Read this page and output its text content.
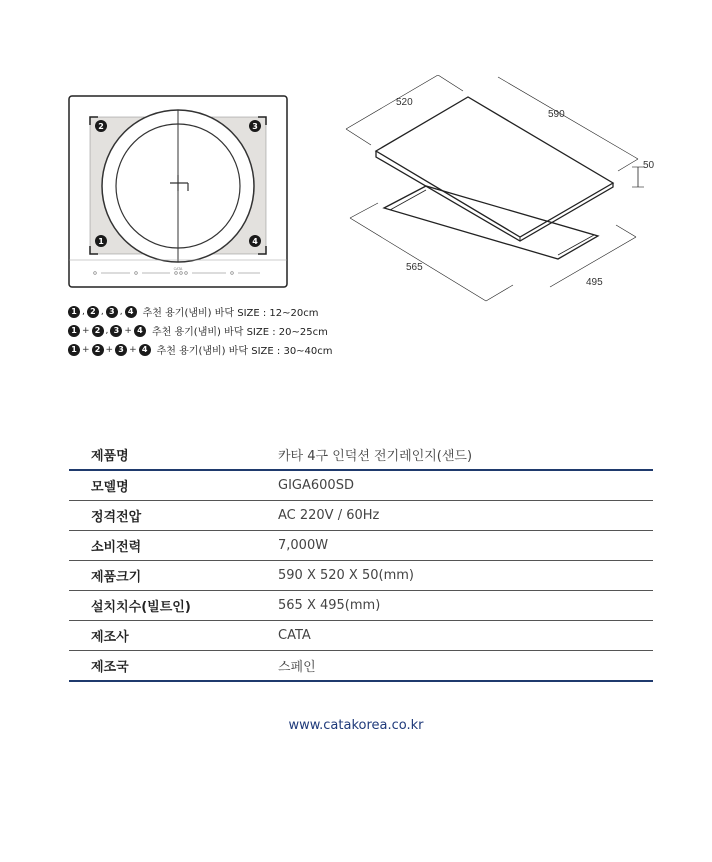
2	3
1	4
CATA
520
590
50
565
495
1 , 2 , 3 , 4 추천 용기(냄비) 바닥 SIZE : 12~20cm
1 + 2 , 3 + 4 추천 용기(냄비) 바닥 SIZE : 20~25cm
1 + 2 + 3 + 4 추천 용기(냄비) 바닥 SIZE : 30~40cm
제품명	카타 4구 인덕션 전기레인지(샌드)
모델명	GIGA600SD
정격전압	AC 220V / 60Hz
소비전력	7,000W
제품크기	590 X 520 X 50(mm)
설치치수(빌트인)	565 X 495(mm)
제조사	CATA
제조국	스페인
www.catakorea.co.kr
